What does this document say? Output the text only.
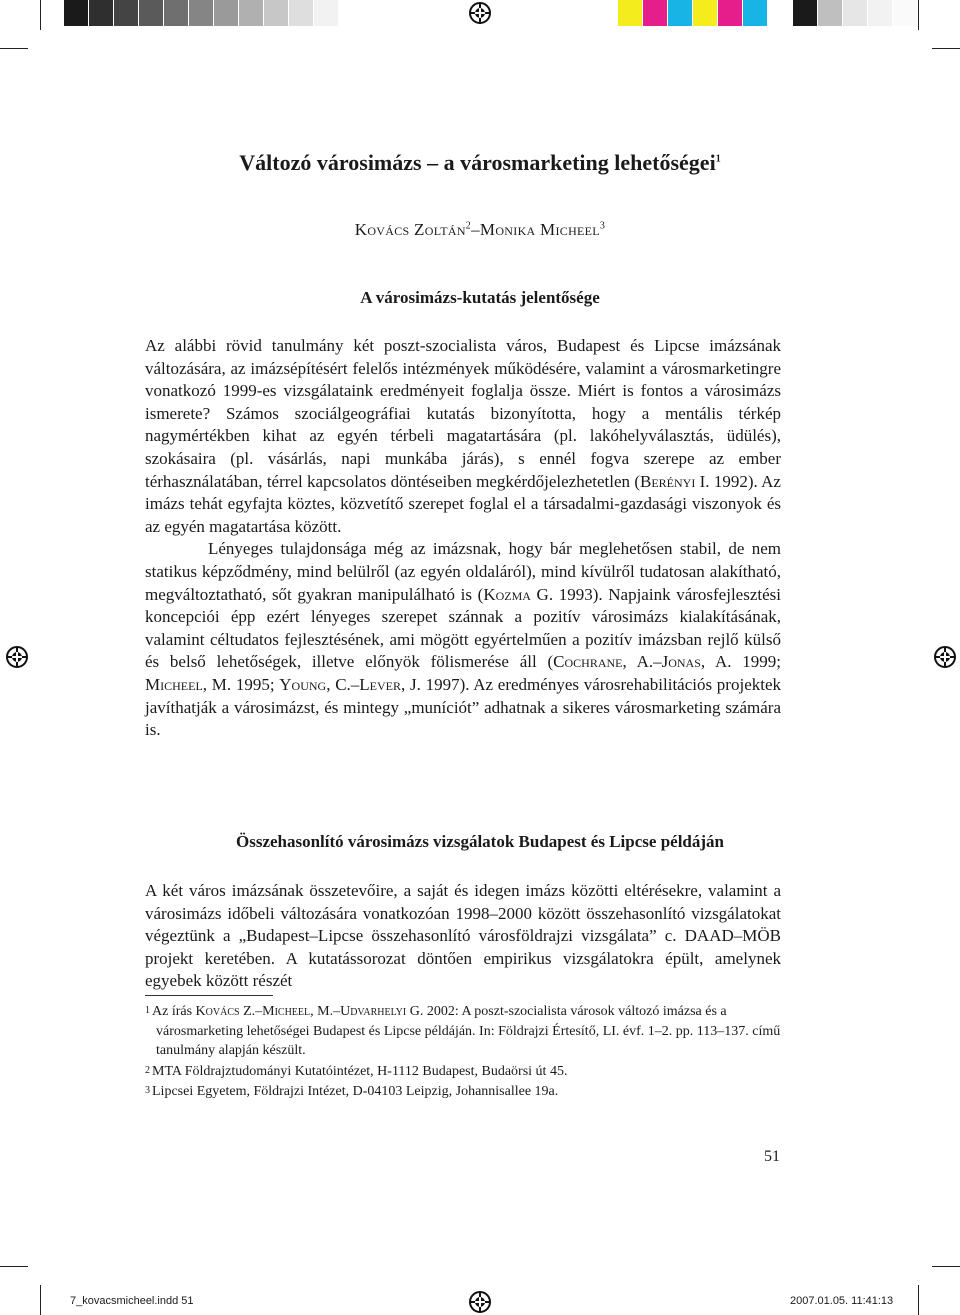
Változó városimázs – a városmarketing lehetőségei$^1$
Kovács Zoltán$^2$–Monika Micheel$^3$
A városimázs-kutatás jelentősége

Az alábbi rövid tanulmány két poszt-szocialista város, Budapest és Lipcse imázsának változására, az imázsépítésért felelős intézmények működésére, valamint a városmarketingre vonatkozó 1999-es vizsgálataink eredményeit foglalja össze. Miért is fontos a városimázs ismerete? Számos szociálgeográfiai kutatás bizonyította, hogy a mentális térkép nagymértékben kihat az egyén térbeli magatartására (pl. lakóhelyválasztás, üdülés), szokásaira (pl. vásárlás, napi munkába járás), s ennél fogva szerepe az ember térhasználatában, térrel kapcsolatos döntéseiben megkérdőjelezhetetlen (Berényi I. 1992). Az imázs tehát egyfajta köztes, közvetítő szerepet foglal el a társadalmi-gazdasági viszonyok és az egyén magatartása között.

Lényeges tulajdonsága még az imázsnak, hogy bár meglehetősen stabil, de nem statikus képződmény, mind belülről (az egyén oldaláról), mind kívülről tudatosan alakítható, megváltoztatható, sőt gyakran manipulálható is (Kozma G. 1993). Napjaink városfejlesztési koncepciói épp ezért lényeges szerepet szánnak a pozitív városimázs kialakításának, valamint céltudatos fejlesztésének, ami mögött egyértelműen a pozitív imázsban rejlő külső és belső lehetőségek, illetve előnyök fölismerése áll (Cochrane, A.–Jonas, A. 1999; Micheel, M. 1995; Young, C.–Lever, J. 1997). Az eredményes városrehabilitációs projektek javíthatják a városimázst, és mintegy „muníciót” adhatnak a sikeres városmarketing számára is.

Összehasonlító városimázs vizsgálatok Budapest és Lipcse példáján

A két város imázsának összetevőire, a saját és idegen imázs közötti eltérésekre, valamint a városimázs időbeli változására vonatkozóan 1998–2000 között összehasonlító vizsgálatokat végeztünk a „Budapest–Lipcse összehasonlító városföldrajzi vizsgálata” c. DAAD–MÖB projekt keretében. A kutatássorozat döntően empirikus vizsgálatokra épült, amelynek egyebek között részét

1 Az írás Kovács Z.–Micheel, M.–Udvarhelyi G. 2002: A poszt-szocialista városok változó imázsa és a városmarketing lehetőségei Budapest és Lipcse példáján. In: Földrajzi Értesítő, LI. évf. 1–2. pp. 113–137. című tanulmány alapján készült.

2 MTA Földrajztudományi Kutatóintézet, H-1112 Budapest, Budaörsi út 45.

3 Lipcsei Egyetem, Földrajzi Intézet, D-04103 Leipzig, Johannisallee 19a.

51
7_kovacsmicheel.indd 51	2007.01.05. 11:41:13
